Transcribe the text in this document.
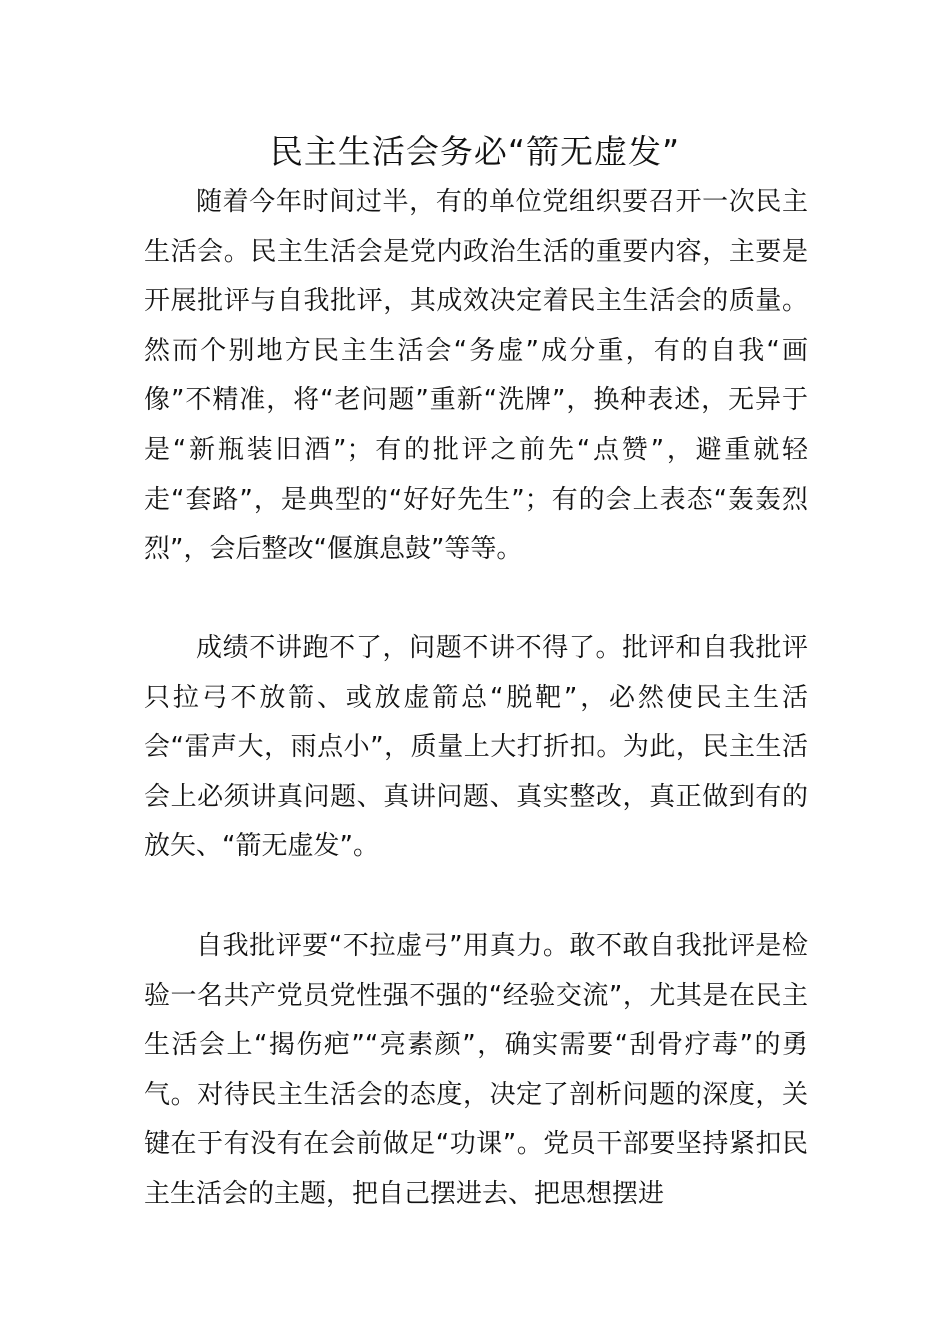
民主生活会务必“箭无虚发”

随着今年时间过半，有的单位党组织要召开一次民主生活会。民主生活会是党内政治生活的重要内容，主要是开展批评与自我批评，其成效决定着民主生活会的质量。然而个别地方民主生活会“务虚”成分重，有的自我“画像”不精准，将“老问题”重新“洗牌”，换种表述，无异于是“新瓶装旧酒”；有的批评之前先“点赞”，避重就轻走“套路”，是典型的“好好先生”；有的会上表态“轰轰烈烈”，会后整改“偃旗息鼓”等等。

成绩不讲跑不了，问题不讲不得了。批评和自我批评只拉弓不放箭、或放虚箭总“脱靶”，必然使民主生活会“雷声大，雨点小”，质量上大打折扣。为此，民主生活会上必须讲真问题、真讲问题、真实整改，真正做到有的放矢、“箭无虚发”。

自我批评要“不拉虚弓”用真力。敢不敢自我批评是检验一名共产党员党性强不强的“经验交流”，尤其是在民主生活会上“揭伤疤”“亮素颜”，确实需要“刮骨疗毒”的勇气。对待民主生活会的态度，决定了剖析问题的深度，关键在于有没有在会前做足“功课”。党员干部要坚持紧扣民主生活会的主题，把自己摆进去、把思想摆进
